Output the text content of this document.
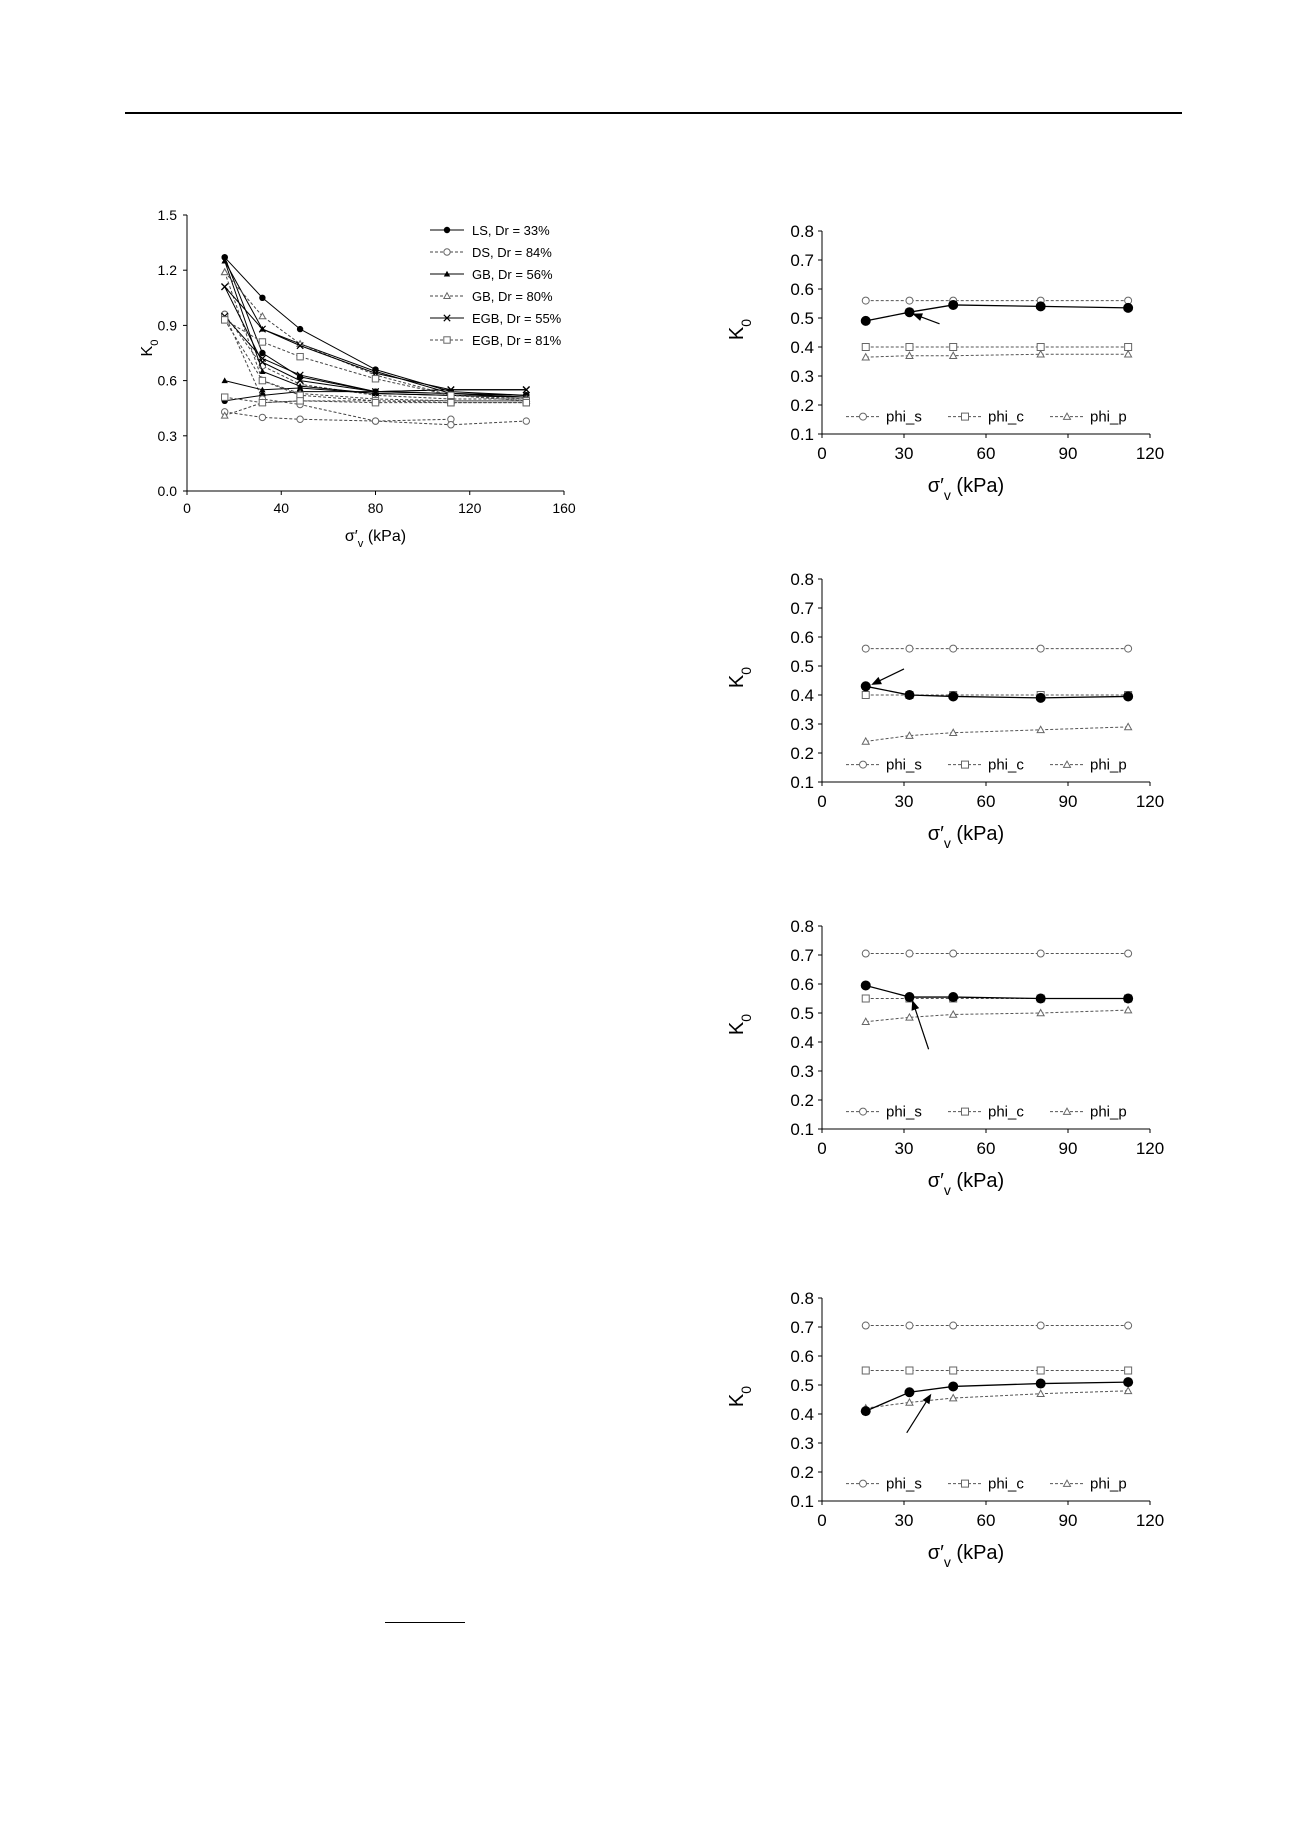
0.0
0.3
0.6
0.9
1.2
1.5
0	40	80	120	160
$K_0$
$\sigma'_v$ (kPa)
LS, Dr = 33%
DS, Dr = 84%
GB, Dr = 56%
GB, Dr = 80%
EGB, Dr = 55%
EGB, Dr = 81%
0.1
0.2
0.3
0.4
0.5
0.6
0.7
0.8
0	30	60	90	120
$K_0$
$\sigma'_v$ (kPa)
phi_s	phi_c	phi_p
0.1
0.2
0.3
0.4
0.5
0.6
0.7
0.8
0	30	60	90	120
$K_0$
$\sigma'_v$ (kPa)
phi_s	phi_c	phi_p
0.1
0.2
0.3
0.4
0.5
0.6
0.7
0.8
0	30	60	90	120
$K_0$
$\sigma'_v$ (kPa)
phi_s	phi_c	phi_p
0.1
0.2
0.3
0.4
0.5
0.6
0.7
0.8
0	30	60	90	120
$K_0$
$\sigma'_v$ (kPa)
phi_s	phi_c	phi_p
